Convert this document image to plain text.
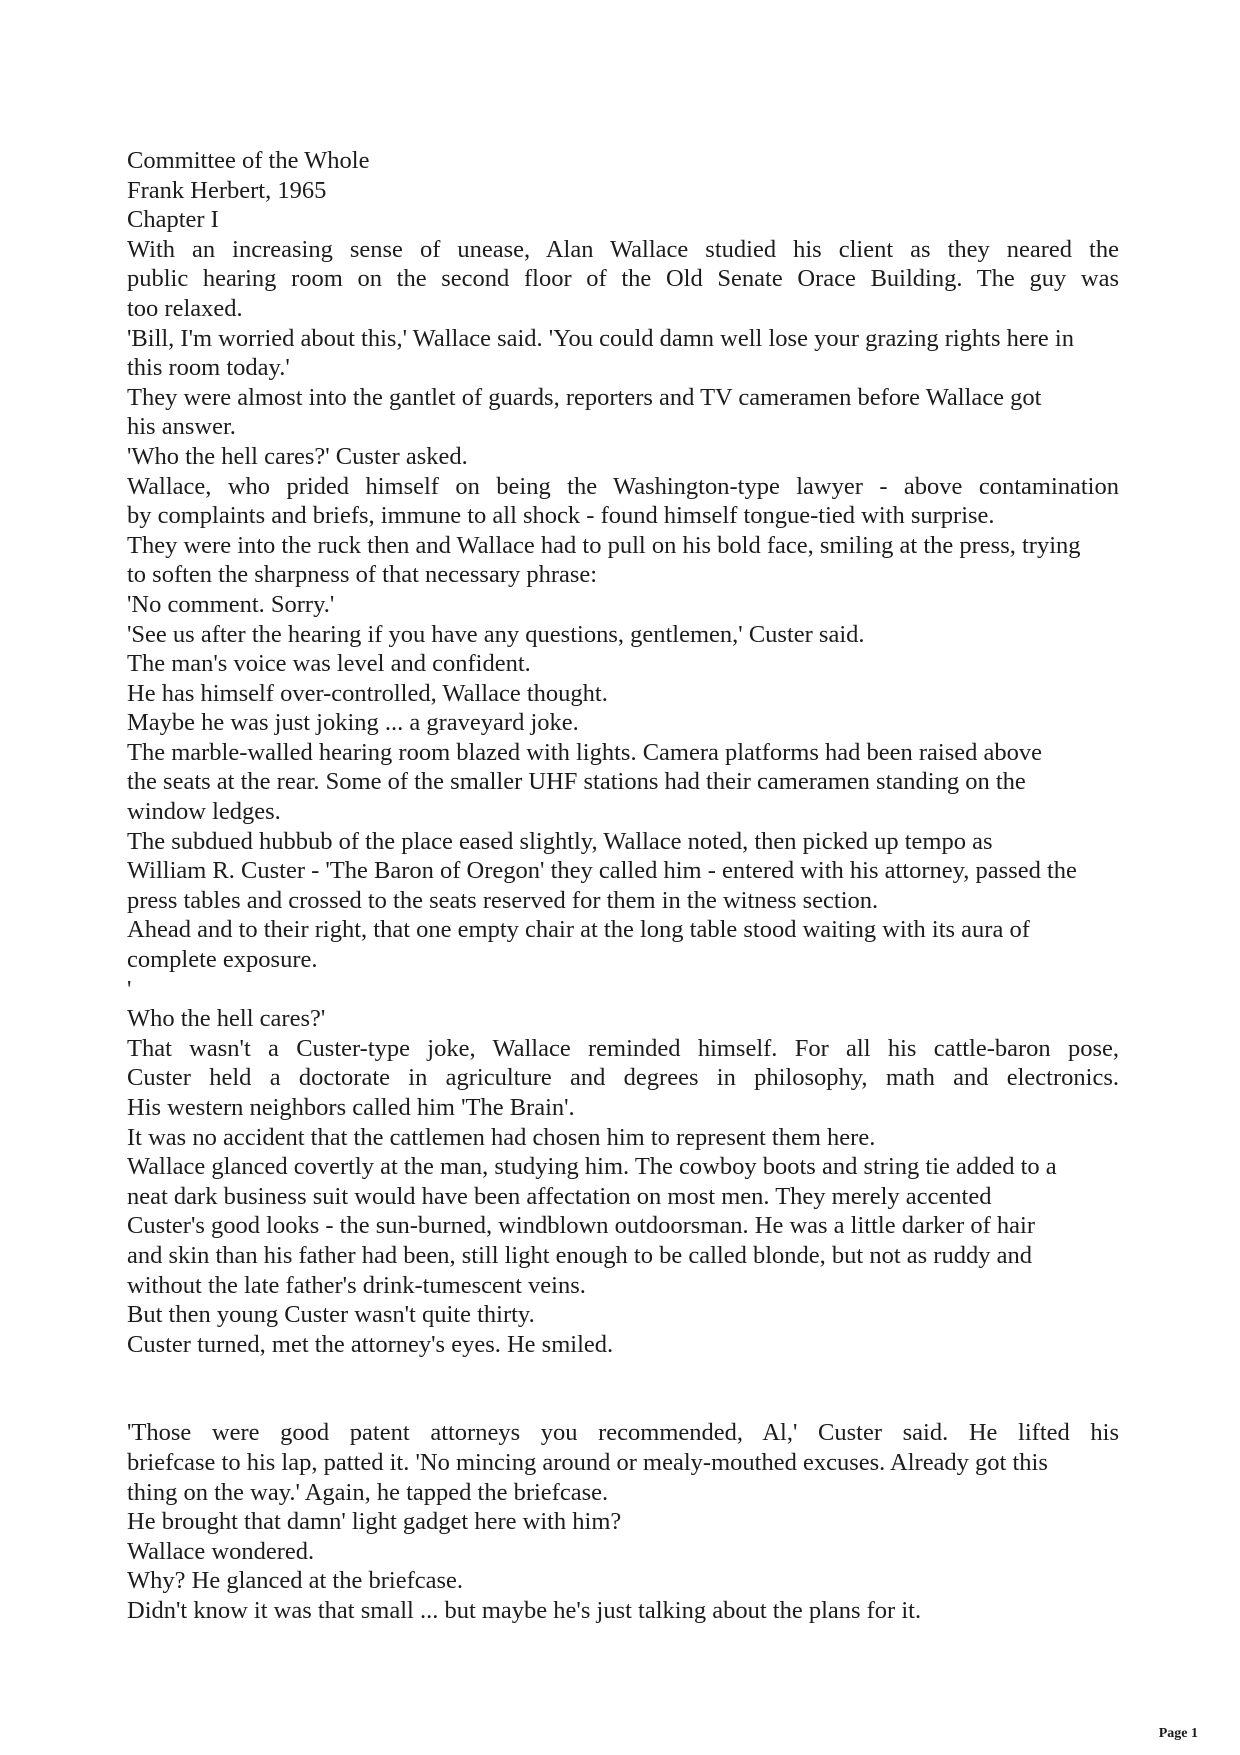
Committee of the Whole
Frank Herbert, 1965
Chapter I
With an increasing sense of unease, Alan Wallace studied his client as they neared the
public hearing room on the second floor of the Old Senate Orace Building. The guy was
too relaxed.
'Bill, I'm worried about this,' Wallace said. 'You could damn well lose your grazing rights here in
this room today.'
They were almost into the gantlet of guards, reporters and TV cameramen before Wallace got
his answer.
'Who the hell cares?' Custer asked.
Wallace, who prided himself on being the Washington-type lawyer - above contamination
by complaints and briefs, immune to all shock - found himself tongue-tied with surprise.
They were into the ruck then and Wallace had to pull on his bold face, smiling at the press, trying
to soften the sharpness of that necessary phrase:
'No comment. Sorry.'
'See us after the hearing if you have any questions, gentlemen,' Custer said.
The man's voice was level and confident.
He has himself over-controlled, Wallace thought.
Maybe he was just joking ... a graveyard joke.
The marble-walled hearing room blazed with lights. Camera platforms had been raised above
the seats at the rear. Some of the smaller UHF stations had their cameramen standing on the
window ledges.
The subdued hubbub of the place eased slightly, Wallace noted, then picked up tempo as
William R. Custer - 'The Baron of Oregon' they called him - entered with his attorney, passed the
press tables and crossed to the seats reserved for them in the witness section.
Ahead and to their right, that one empty chair at the long table stood waiting with its aura of
complete exposure.
'
Who the hell cares?'
That wasn't a Custer-type joke, Wallace reminded himself. For all his cattle-baron pose,
Custer held a doctorate in agriculture and degrees in philosophy, math and electronics.
His western neighbors called him 'The Brain'.
It was no accident that the cattlemen had chosen him to represent them here.
Wallace glanced covertly at the man, studying him. The cowboy boots and string tie added to a
neat dark business suit would have been affectation on most men. They merely accented
Custer's good looks - the sun-burned, windblown outdoorsman. He was a little darker of hair
and skin than his father had been, still light enough to be called blonde, but not as ruddy and
without the late father's drink-tumescent veins.
But then young Custer wasn't quite thirty.
Custer turned, met the attorney's eyes. He smiled.
'Those were good patent attorneys you recommended, Al,' Custer said. He lifted his
briefcase to his lap, patted it. 'No mincing around or mealy-mouthed excuses. Already got this
thing on the way.' Again, he tapped the briefcase.
He brought that damn' light gadget here with him?
Wallace wondered.
Why? He glanced at the briefcase.
Didn't know it was that small ... but maybe he's just talking about the plans for it.
Page 1
